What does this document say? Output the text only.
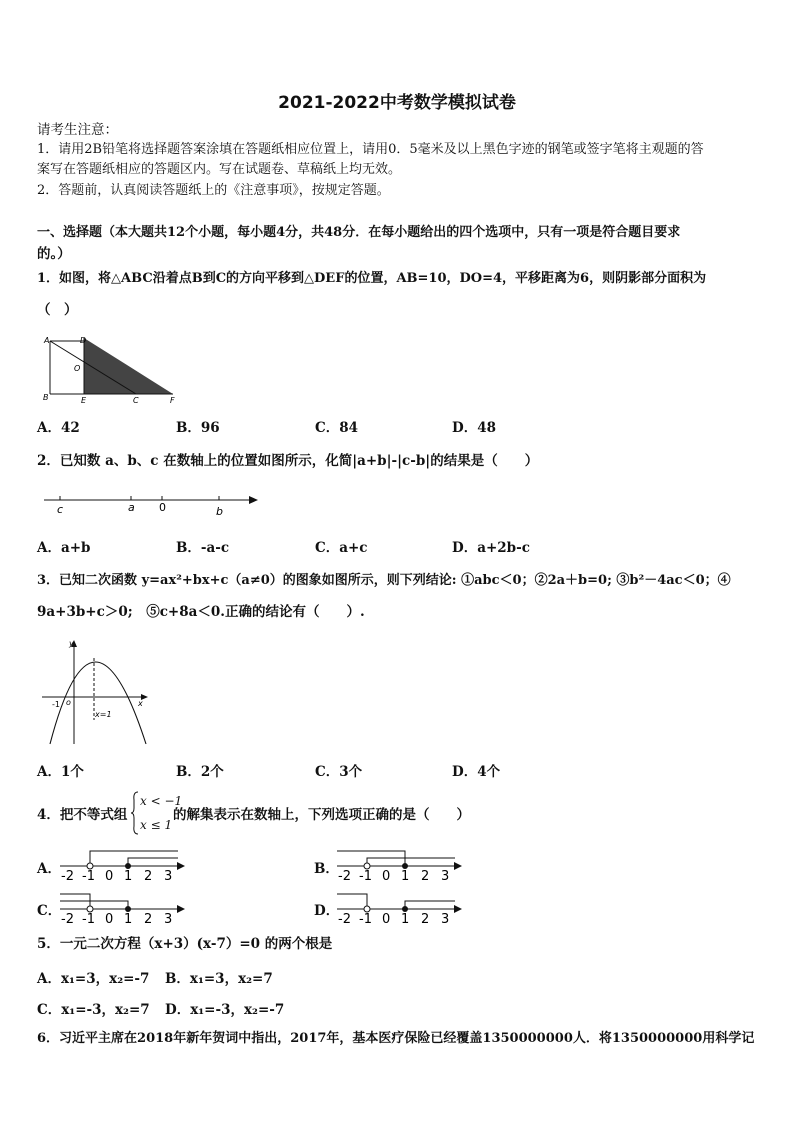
2021-2022中考数学模拟试卷
请考生注意：
1．请用2B铅笔将选择题答案涂填在答题纸相应位置上，请用0．5毫米及以上黑色字迹的钢笔或签字笔将主观题的答
案写在答题纸相应的答题区内。写在试题卷、草稿纸上均无效。
2．答题前，认真阅读答题纸上的《注意事项》，按规定答题。
一、选择题（本大题共12个小题，每小题4分，共48分．在每小题给出的四个选项中，只有一项是符合题目要求
的。）
1．如图，将△ABC沿着点B到C的方向平移到△DEF的位置，AB=10，DO=4，平移距离为6，则阴影部分面积为
（　）
A	D
O
B	E	C	F
A．42	B．96	C．84	D．48
2．已知数 a、b、c 在数轴上的位置如图所示，化简|a+b|-|c-b|的结果是（　　）
c	a 0	b
A．a+b	B．-a-c	C．a+c	D．a+2b-c
3．已知二次函数 y=ax²+bx+c（a≠0）的图象如图所示，则下列结论: ①abc＜0；②2a＋b=0; ③b²－4ac＜0；④
9a+3b+c＞0;　⑤c+8a＜0.正确的结论有（　　）.
y
x
-1 o
x=1
A．1个	B．2个	C．3个	D．4个
4．把不等式组
x < −1
x ≤ 1
的解集表示在数轴上，下列选项正确的是（　　）
A． -2 -1 0 1 2 3	B． -2 -1 0 1 2 3
C．
-2 -1 0 1 2 3
D．
-2 -1 0 1 2 3
5．一元二次方程（x+3）(x-7）=0 的两个根是
A．x₁=3，x₂=-7 B．x₁=3，x₂=7
C．x₁=-3，x₂=7 D．x₁=-3，x₂=-7
6．习近平主席在2018年新年贺词中指出，2017年，基本医疗保险已经覆盖1350000000人．将1350000000用科学记
